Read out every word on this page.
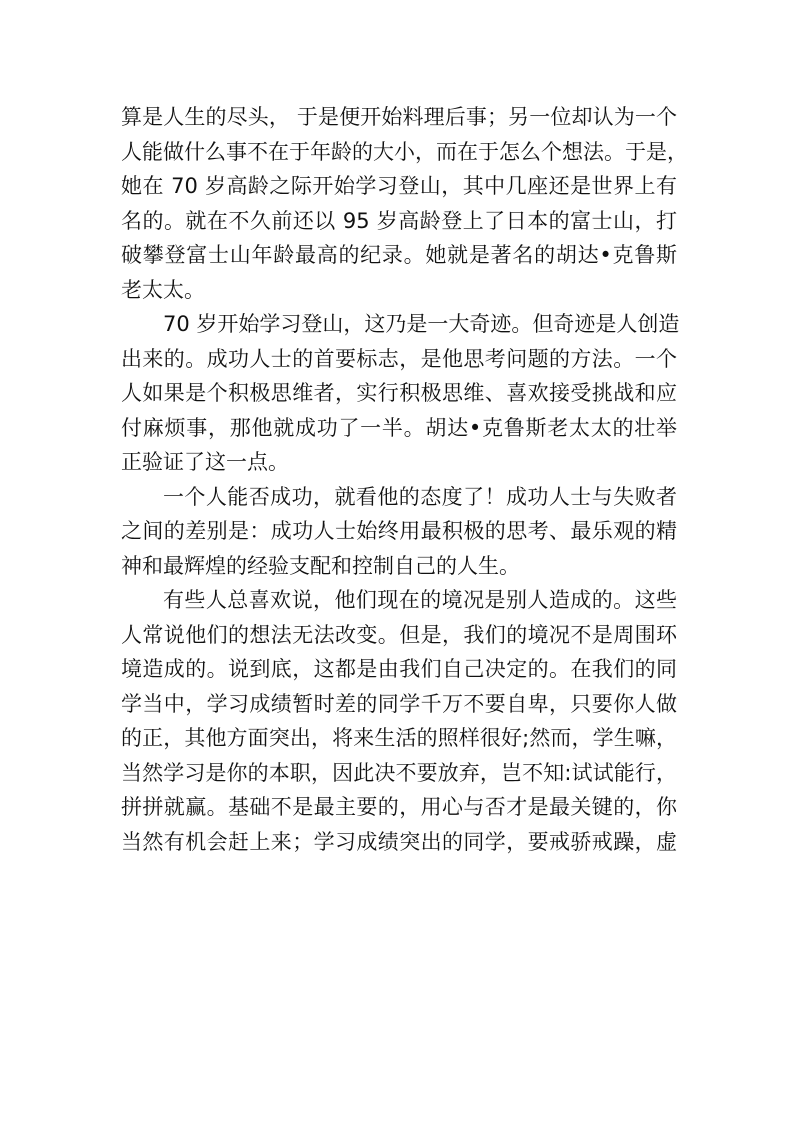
算是人生的尽头， 于是便开始料理后事；另一位却认为一个
人能做什么事不在于年龄的大小，而在于怎么个想法。于是，
她在 70 岁高龄之际开始学习登山，其中几座还是世界上有
名的。就在不久前还以 95 岁高龄登上了日本的富士山，打
破攀登富士山年龄最高的纪录。她就是著名的胡达•克鲁斯
老太太。
70 岁开始学习登山，这乃是一大奇迹。但奇迹是人创造
出来的。成功人士的首要标志，是他思考问题的方法。一个
人如果是个积极思维者，实行积极思维、喜欢接受挑战和应
付麻烦事，那他就成功了一半。胡达•克鲁斯老太太的壮举
正验证了这一点。
一个人能否成功，就看他的态度了！成功人士与失败者
之间的差别是：成功人士始终用最积极的思考、最乐观的精
神和最辉煌的经验支配和控制自己的人生。
有些人总喜欢说，他们现在的境况是别人造成的。这些
人常说他们的想法无法改变。但是，我们的境况不是周围环
境造成的。说到底，这都是由我们自己决定的。在我们的同
学当中，学习成绩暂时差的同学千万不要自卑，只要你人做
的正，其他方面突出，将来生活的照样很好;然而，学生嘛，
当然学习是你的本职，因此决不要放弃，岂不知:试试能行，
拼拼就赢。基础不是最主要的，用心与否才是最关键的，你
当然有机会赶上来；学习成绩突出的同学，要戒骄戒躁，虚
